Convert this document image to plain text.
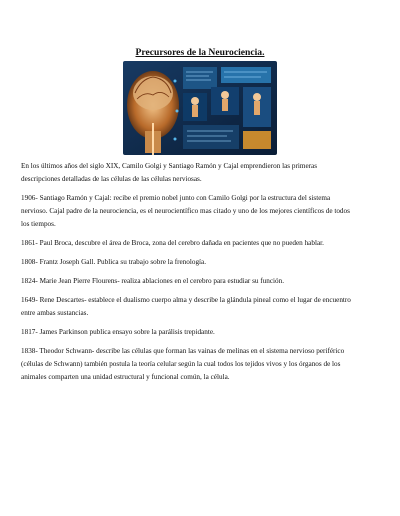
Precursores de la Neurociencia.

En los últimos años del siglo XIX, Camilo Golgi y Santiago Ramón y Cajal emprendieron las primeras descripciones detalladas de las células de las células nerviosas.

1906- Santiago Ramón y Cajal: recibe el premio nobel junto con Camilo Golgi por la estructura del sistema nervioso. Cajal padre de la neurociencia, es el neurocientífico mas citado y uno de los mejores científicos de todos los tiempos.

1861- Paul Broca, descubre el área de Broca, zona del cerebro dañada en pacientes que no pueden hablar.

1808- Frantz Joseph Gall. Publica su trabajo sobre la frenología.

1824- Marie Jean Pierre Flourens- realiza ablaciones en el cerebro para estudiar su función.

1649- Rene Descartes- establece el dualismo cuerpo alma y describe la glándula pineal como el lugar de encuentro entre ambas sustancias.

1817- James Parkinson publica ensayo sobre la parálisis trepidante.

1838- Theodor Schwann- describe las células que forman las vainas de melinas en el sistema nervioso periférico (células de Schwann) también postula la teoría celular según la cual todos los tejidos vivos y los órganos de los animales comparten una unidad estructural y funcional común, la célula.
